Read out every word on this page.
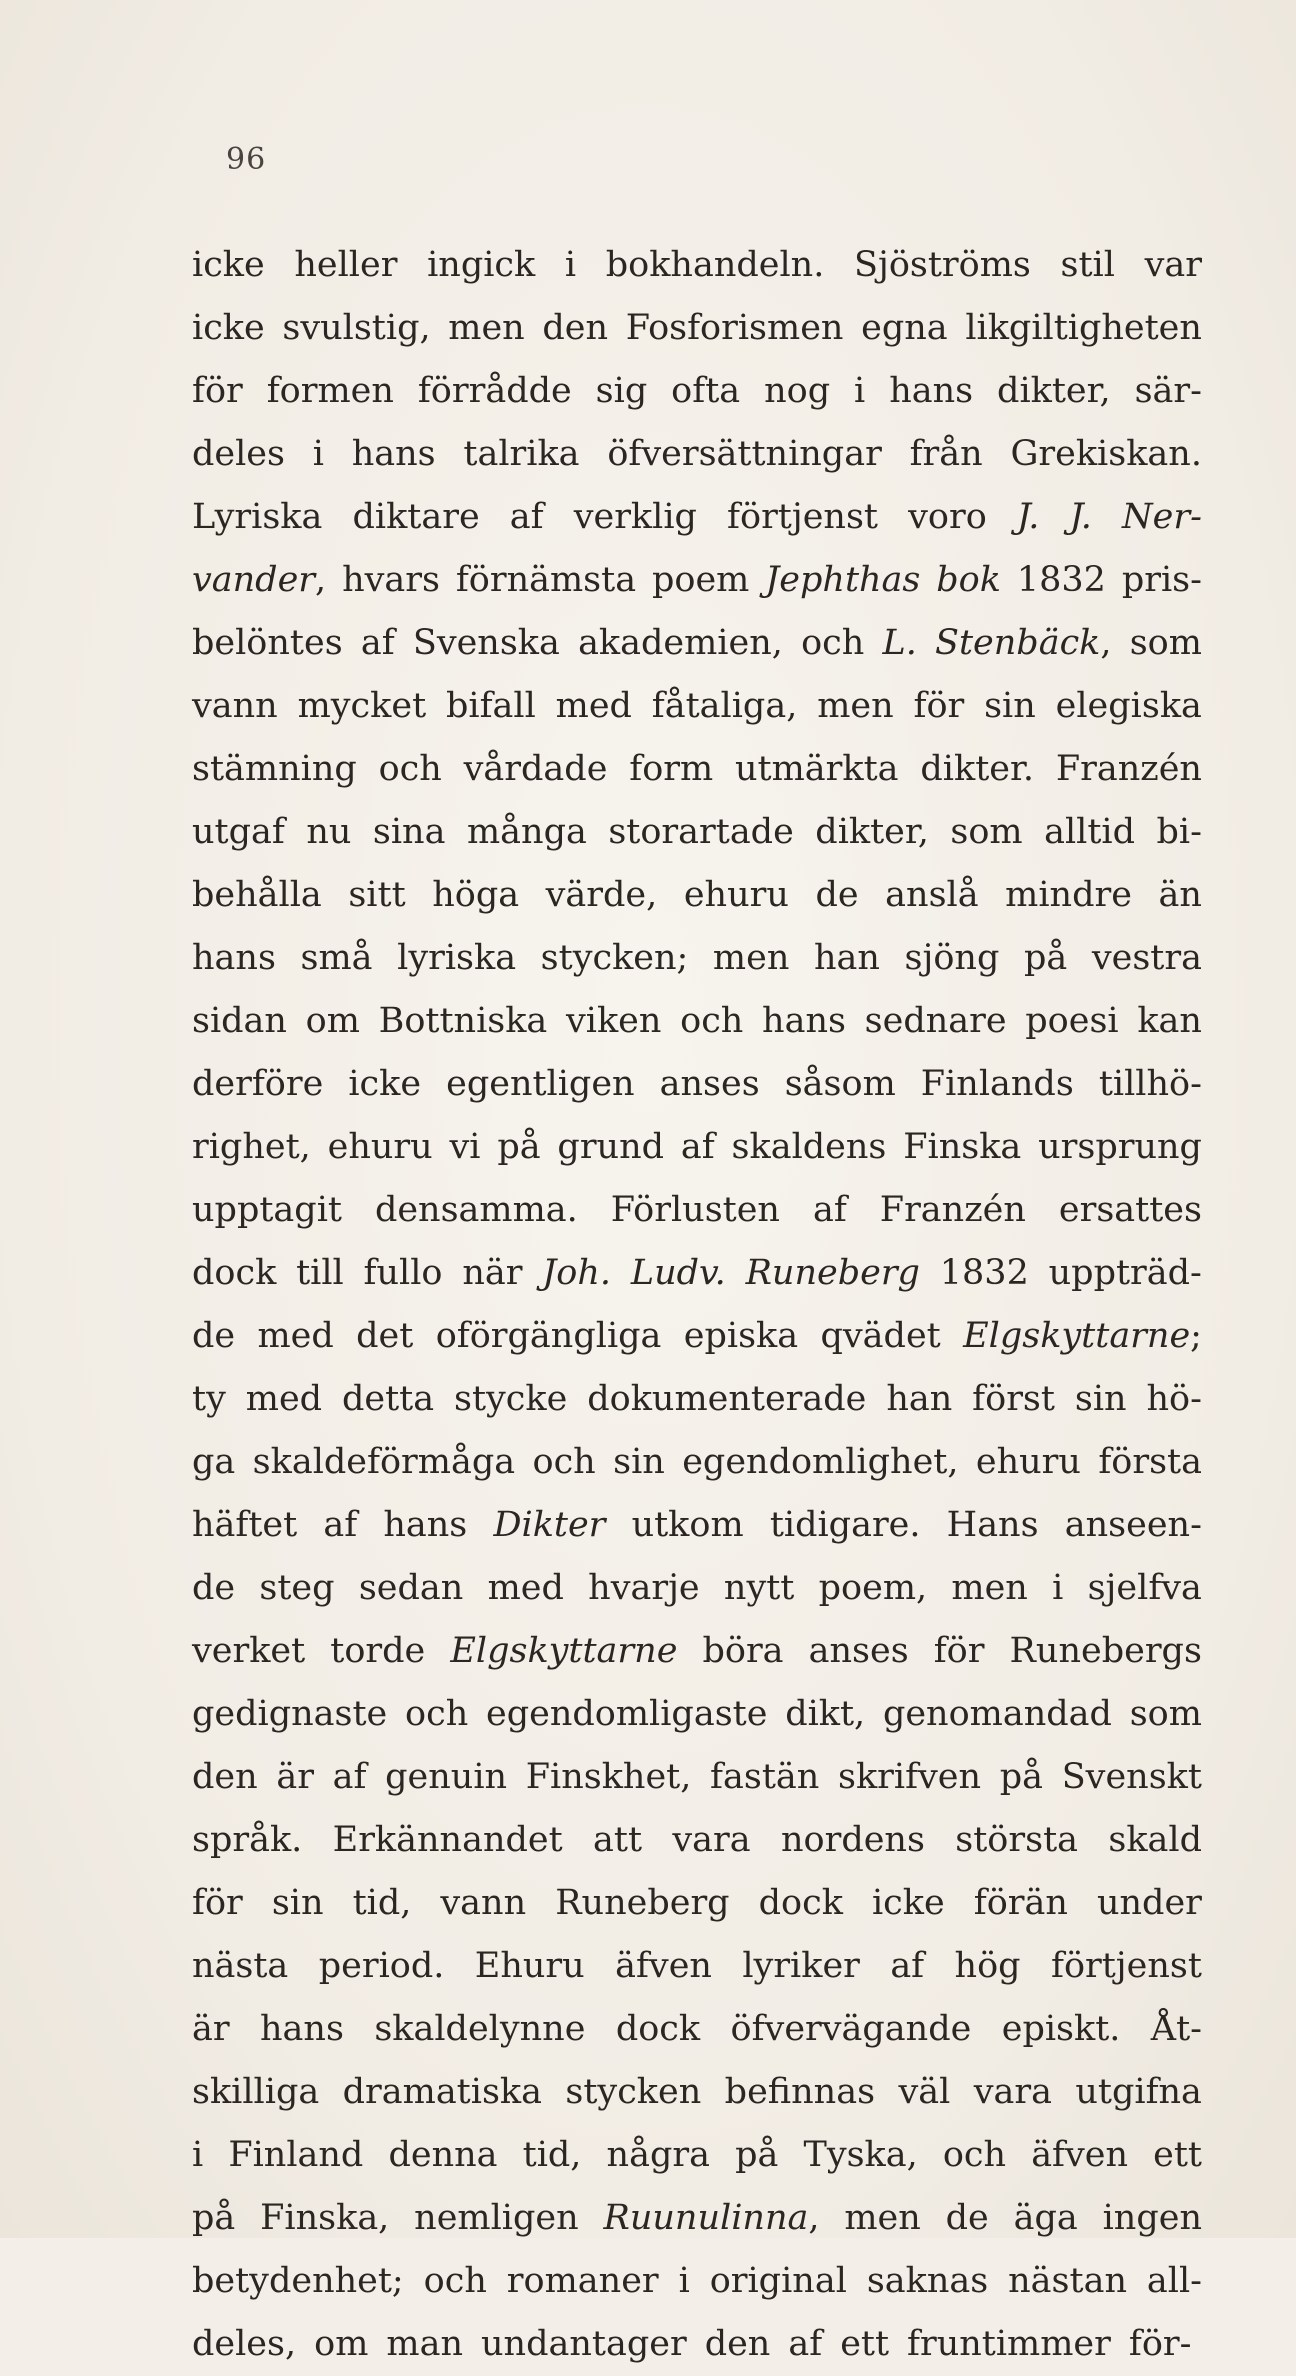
96
icke heller ingick i bokhandeln. Sjöströms stil var
icke svulstig, men den Fosforismen egna likgiltigheten
för formen förrådde sig ofta nog i hans dikter, sär-
deles i hans talrika öfversättningar från Grekiskan.
Lyriska diktare af verklig förtjenst voro J. J. Ner-
vander, hvars förnämsta poem Jephthas bok 1832 pris-
belöntes af Svenska akademien, och L. Stenbäck, som
vann mycket bifall med fåtaliga, men för sin elegiska
stämning och vårdade form utmärkta dikter. Franzén
utgaf nu sina många storartade dikter, som alltid bi-
behålla sitt höga värde, ehuru de anslå mindre än
hans små lyriska stycken; men han sjöng på vestra
sidan om Bottniska viken och hans sednare poesi kan
derföre icke egentligen anses såsom Finlands tillhö-
righet, ehuru vi på grund af skaldens Finska ursprung
upptagit densamma. Förlusten af Franzén ersattes
dock till fullo när Joh. Ludv. Runeberg 1832 uppträd-
de med det oförgängliga episka qvädet Elgskyttarne;
ty med detta stycke dokumenterade han först sin hö-
ga skaldeförmåga och sin egendomlighet, ehuru första
häftet af hans Dikter utkom tidigare. Hans anseen-
de steg sedan med hvarje nytt poem, men i sjelfva
verket torde Elgskyttarne böra anses för Runebergs
gedignaste och egendomligaste dikt, genomandad som
den är af genuin Finskhet, fastän skrifven på Svenskt
språk. Erkännandet att vara nordens största skald
för sin tid, vann Runeberg dock icke förän under
nästa period. Ehuru äfven lyriker af hög förtjenst
är hans skaldelynne dock öfvervägande episkt. Åt-
skilliga dramatiska stycken befinnas väl vara utgifna
i Finland denna tid, några på Tyska, och äfven ett
på Finska, nemligen Ruunulinna, men de äga ingen
betydenhet; och romaner i original saknas nästan all-
deles, om man undantager den af ett fruntimmer för-
